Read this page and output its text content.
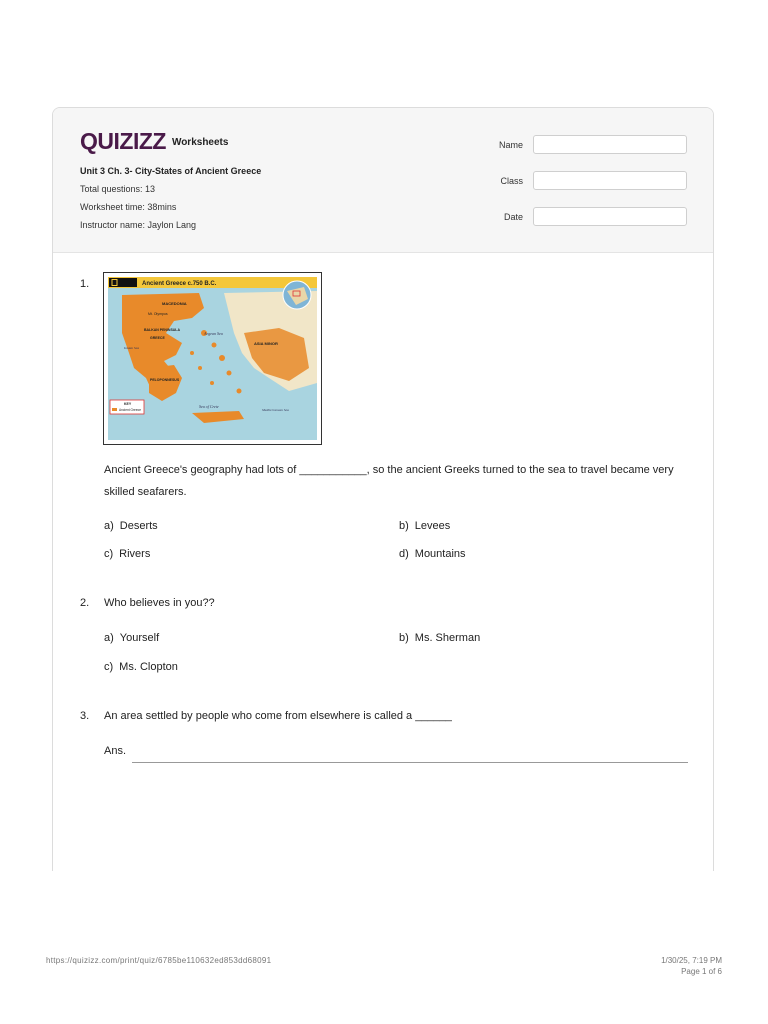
QUIZIZZ Worksheets
Unit 3 Ch. 3- City-States of Ancient Greece
Total questions: 13
Worksheet time: 38mins
Instructor name: Jaylon Lang
Name
Class
Date
1.	Ancient Greece c.750 B.C.
MACEDONIA
Mt. Olympus
BALKAN PENINSULA
GREECE
Aegean Sea
Ionian Sea
ASIA MINOR
PELOPONNESUS
Sea of Crete
Mediterranean Sea
KEY
Ancient Greece
Ancient Greece's geography had lots of ___________, so the ancient Greeks turned to the sea to travel became very skilled seafarers.
a) Deserts	b) Levees
c) Rivers	d) Mountains
2. Who believes in you??
a) Yourself	b) Ms. Sherman
c) Ms. Clopton
3. An area settled by people who come from elsewhere is called a ______
Ans.
https://quizizz.com/print/quiz/6785be110632ed853dd68091	1/30/25, 7:19 PM
Page 1 of 6
